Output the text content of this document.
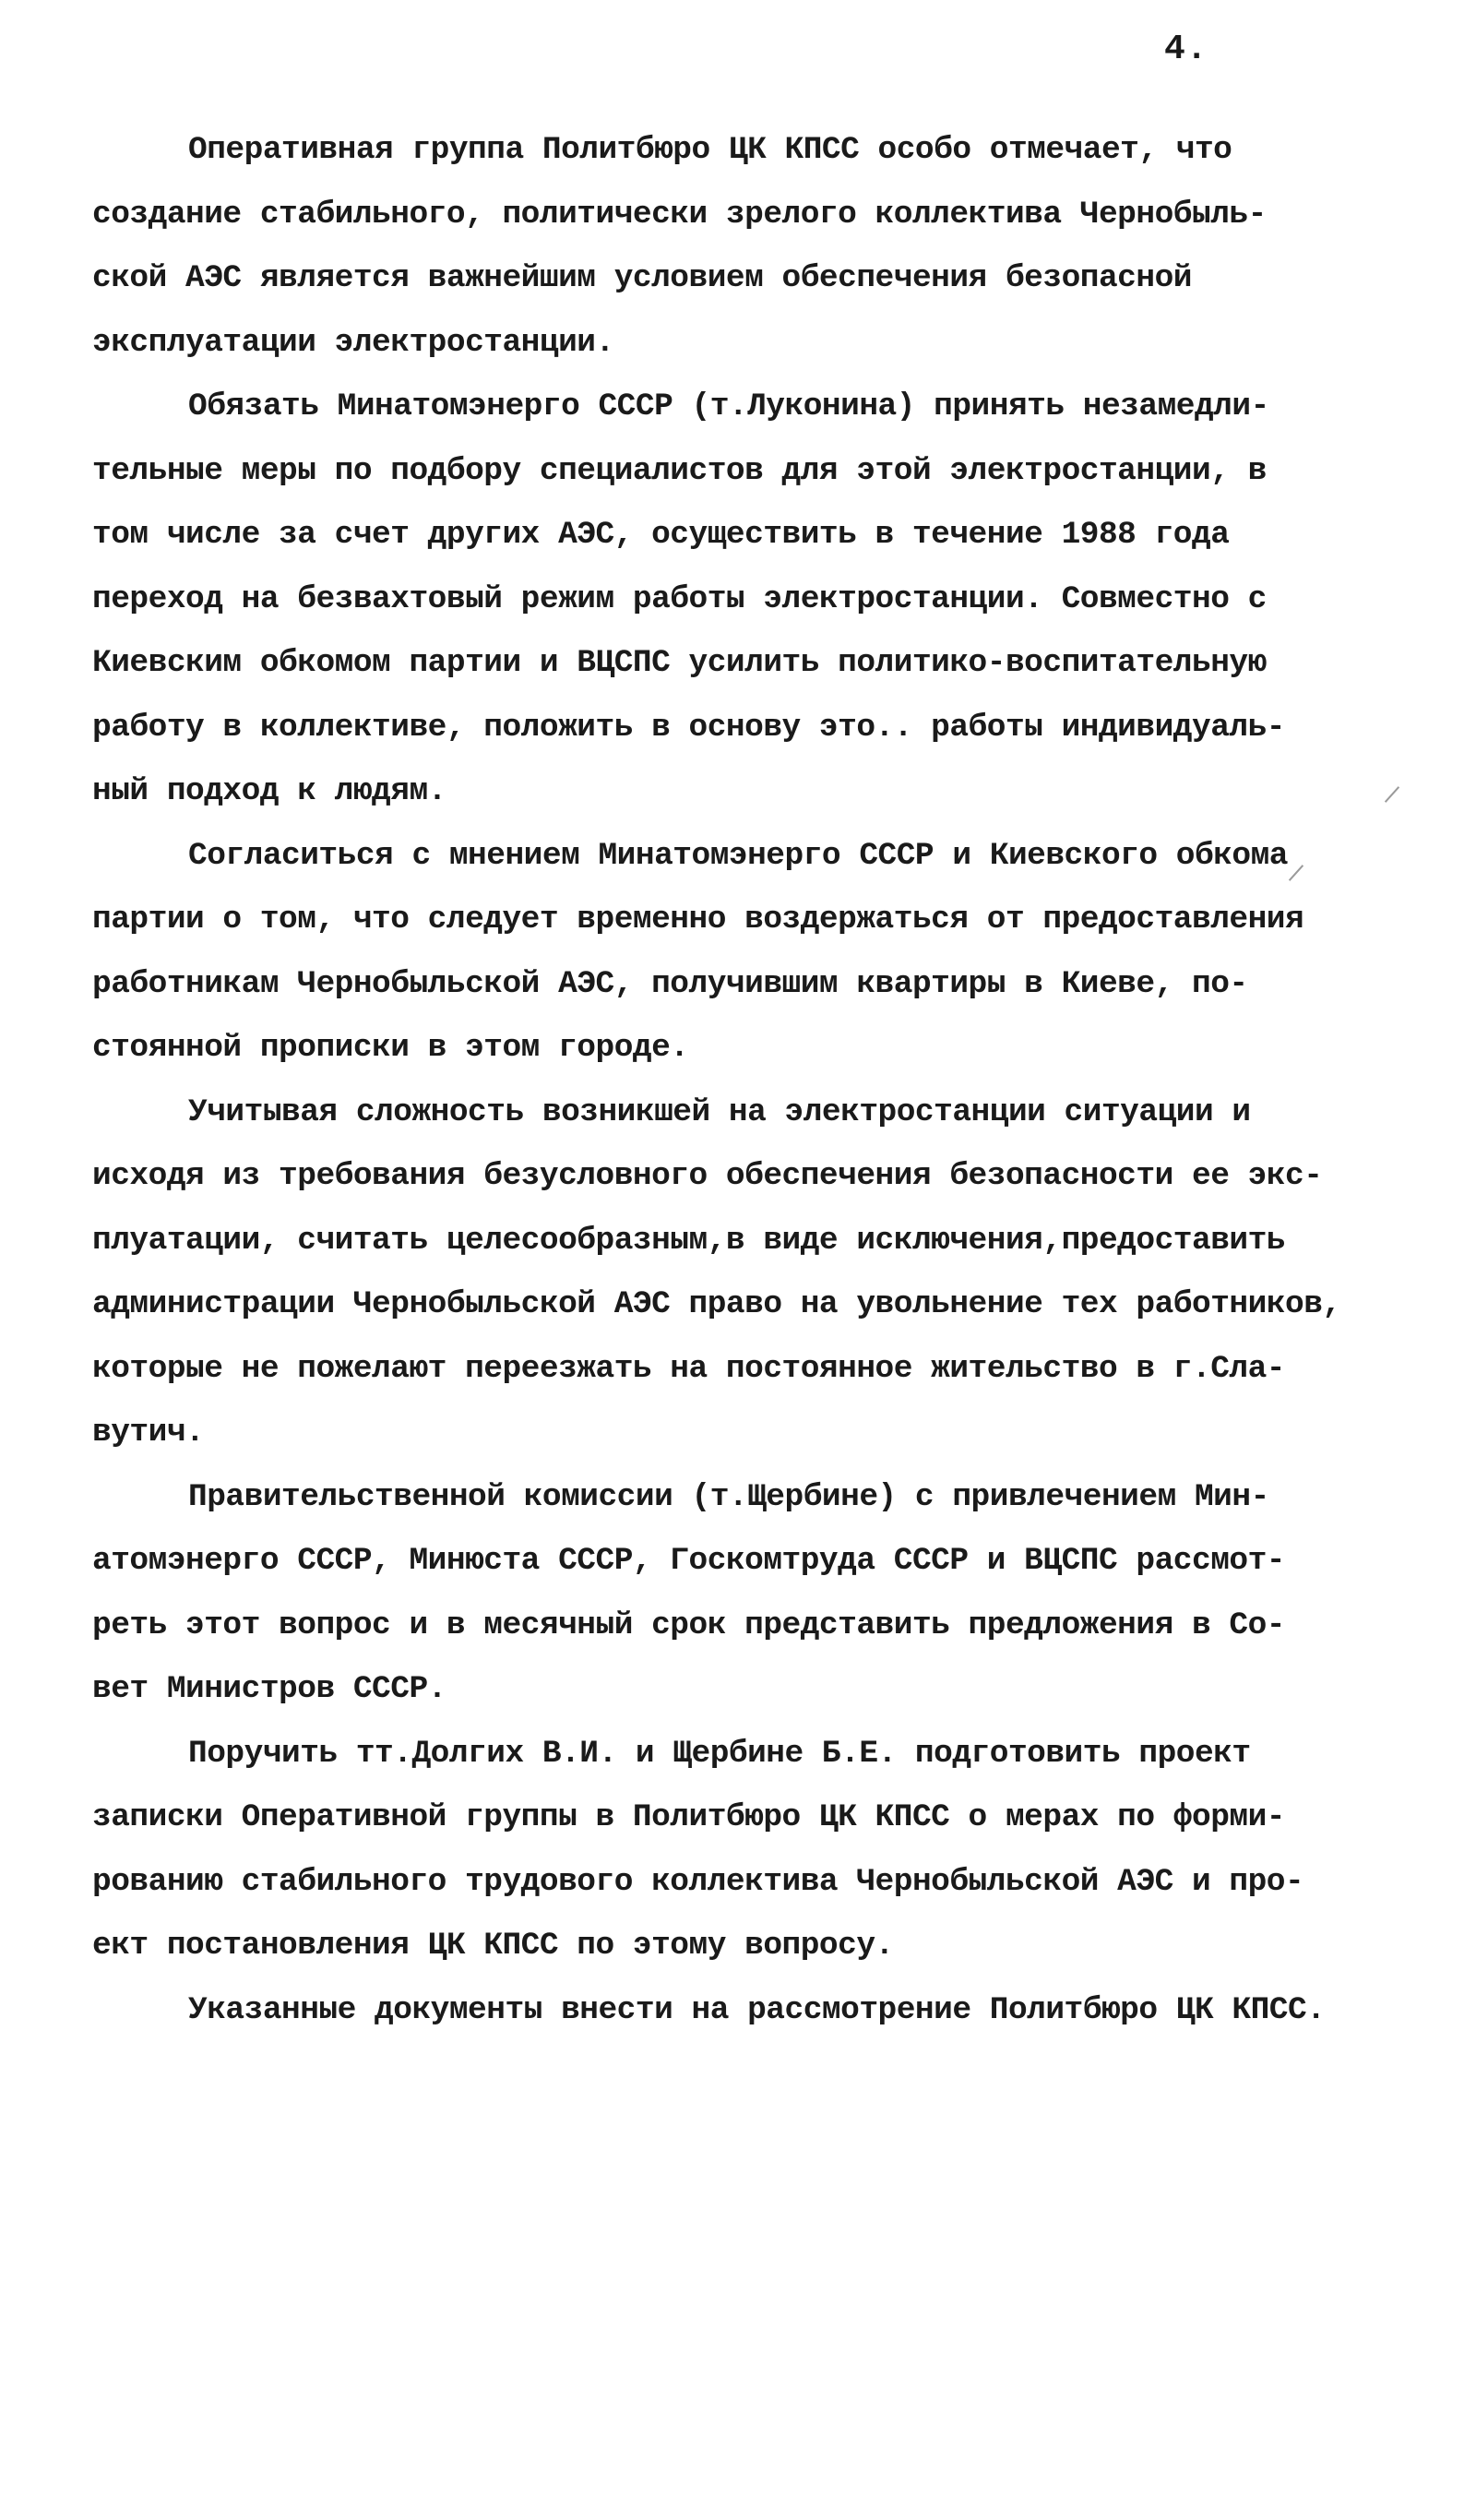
4.
Оперативная группа Политбюро ЦК КПСС особо отмечает, что
создание стабильного, политически зрелого коллектива Чернобыль-
ской АЭС является важнейшим условием обеспечения безопасной
эксплуатации электростанции.
Обязать Минатомэнерго СССР (т.Луконина) принять незамедли-
тельные меры по подбору специалистов для этой электростанции, в
том числе за счет других АЭС, осуществить в течение 1988 года
переход на безвахтовый режим работы электростанции. Совместно с
Киевским обкомом партии и ВЦСПС усилить политико-воспитательную
работу в коллективе, положить в основу это.. работы индивидуаль-
ный подход к людям.
Согласиться с мнением Минатомэнерго СССР и Киевского обкома
партии о том, что следует временно воздержаться от предоставления
работникам Чернобыльской АЭС, получившим квартиры в Киеве, по-
стоянной прописки в этом городе.
Учитывая сложность возникшей на электростанции ситуации и
исходя из требования безусловного обеспечения безопасности ее экс-
плуатации, считать целесообразным,в виде исключения,предоставить
администрации Чернобыльской АЭС право на увольнение тех работников,
которые не пожелают переезжать на постоянное жительство в г.Сла-
вутич.
Правительственной комиссии (т.Щербине) с привлечением Мин-
атомэнерго СССР, Минюста СССР, Госкомтруда СССР и ВЦСПС рассмот-
реть этот вопрос и в месячный срок представить предложения в Со-
вет Министров СССР.
Поручить тт.Долгих В.И. и Щербине Б.Е. подготовить проект
записки Оперативной группы в Политбюро ЦК КПСС о мерах по форми-
рованию стабильного трудового коллектива Чернобыльской АЭС и про-
ект постановления ЦК КПСС по этому вопросу.
Указанные документы внести на рассмотрение Политбюро ЦК КПСС.
